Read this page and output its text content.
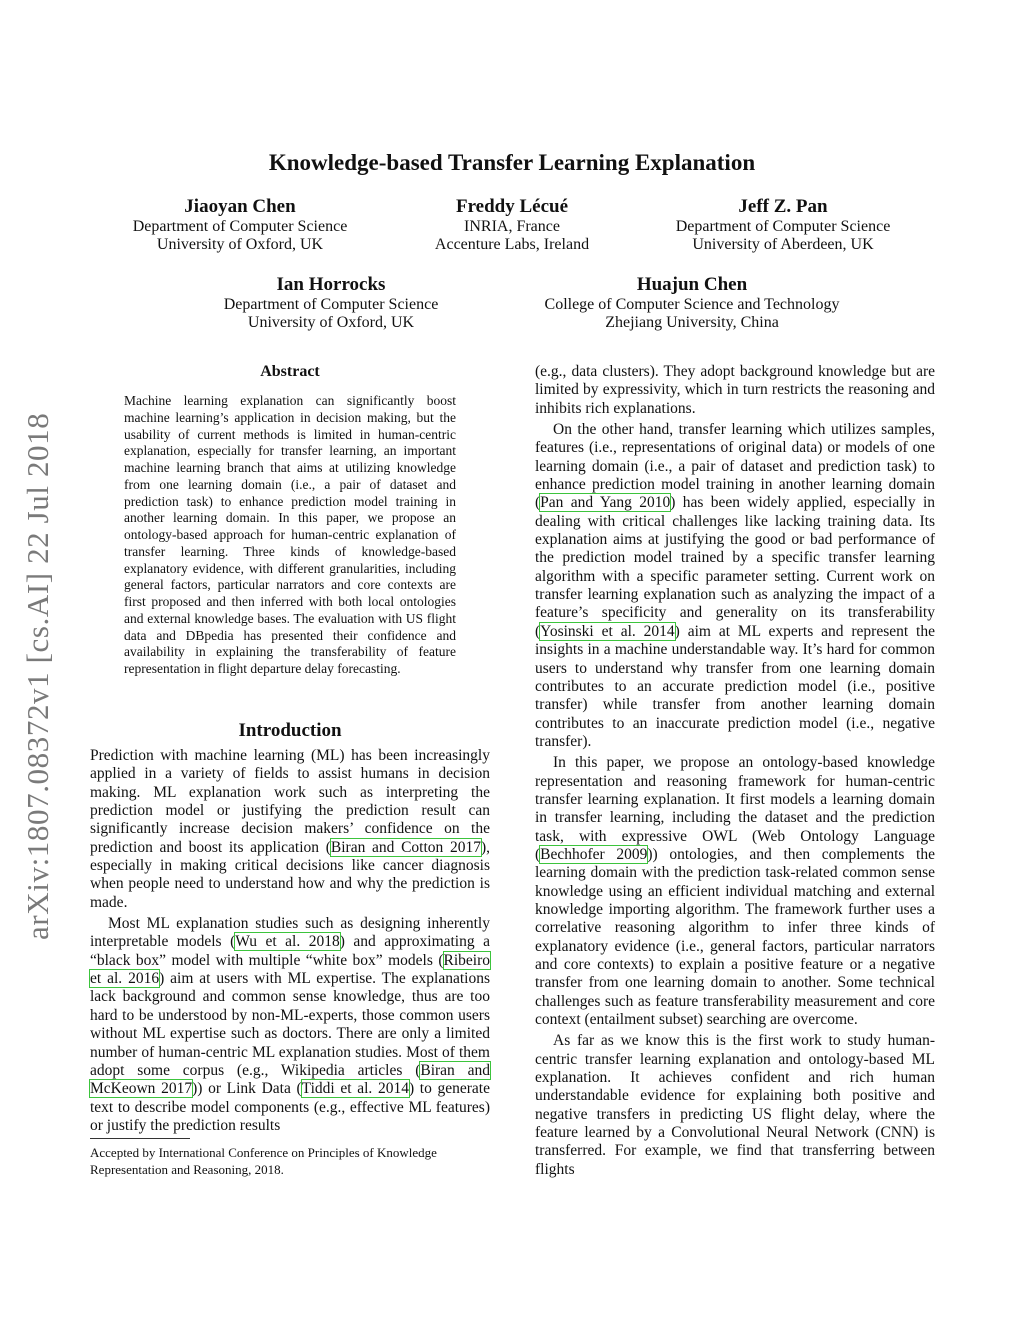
arXiv:1807.08372v1 [cs.AI] 22 Jul 2018
Knowledge-based Transfer Learning Explanation
Jiaoyan Chen
Department of Computer Science
University of Oxford, UK
Freddy Lécué
INRIA, France
Accenture Labs, Ireland
Jeff Z. Pan
Department of Computer Science
University of Aberdeen, UK
Ian Horrocks
Department of Computer Science
University of Oxford, UK
Huajun Chen
College of Computer Science and Technology
Zhejiang University, China
Abstract
Machine learning explanation can significantly boost machine learning’s application in decision making, but the usability of current methods is limited in human-centric explanation, especially for transfer learning, an important machine learning branch that aims at utilizing knowledge from one learning domain (i.e., a pair of dataset and prediction task) to enhance prediction model training in another learning domain. In this paper, we propose an ontology-based approach for human-centric explanation of transfer learning. Three kinds of knowledge-based explanatory evidence, with different granularities, including general factors, particular narrators and core contexts are first proposed and then inferred with both local ontologies and external knowledge bases. The evaluation with US flight data and DBpedia has presented their confidence and availability in explaining the transferability of feature representation in flight departure delay forecasting.
Introduction

Prediction with machine learning (ML) has been increasingly applied in a variety of fields to assist humans in decision making. ML explanation work such as interpreting the prediction model or justifying the prediction result can significantly increase decision makers’ confidence on the prediction and boost its application (Biran and Cotton 2017), especially in making critical decisions like cancer diagnosis when people need to understand how and why the prediction is made.

Most ML explanation studies such as designing inherently interpretable models (Wu et al. 2018) and approximating a “black box” model with multiple “white box” models (Ribeiro et al. 2016) aim at users with ML expertise. The explanations lack background and common sense knowledge, thus are too hard to be understood by non-ML-experts, those common users without ML expertise such as doctors. There are only a limited number of human-centric ML explanation studies. Most of them adopt some corpus (e.g., Wikipedia articles (Biran and McKeown 2017)) or Link Data (Tiddi et al. 2014) to generate text to describe model components (e.g., effective ML features) or justify the prediction results

Accepted by International Conference on Principles of Knowledge Representation and Reasoning, 2018.

(e.g., data clusters). They adopt background knowledge but are limited by expressivity, which in turn restricts the reasoning and inhibits rich explanations.

On the other hand, transfer learning which utilizes samples, features (i.e., representations of original data) or models of one learning domain (i.e., a pair of dataset and prediction task) to enhance prediction model training in another learning domain (Pan and Yang 2010) has been widely applied, especially in dealing with critical challenges like lacking training data. Its explanation aims at justifying the good or bad performance of the prediction model trained by a specific transfer learning algorithm with a specific parameter setting. Current work on transfer learning explanation such as analyzing the impact of a feature’s specificity and generality on its transferability (Yosinski et al. 2014) aim at ML experts and represent the insights in a machine understandable way. It’s hard for common users to understand why transfer from one learning domain contributes to an accurate prediction model (i.e., positive transfer) while transfer from another learning domain contributes to an inaccurate prediction model (i.e., negative transfer).

In this paper, we propose an ontology-based knowledge representation and reasoning framework for human-centric transfer learning explanation. It first models a learning domain in transfer learning, including the dataset and the prediction task, with expressive OWL (Web Ontology Language (Bechhofer 2009)) ontologies, and then complements the learning domain with the prediction task-related common sense knowledge using an efficient individual matching and external knowledge importing algorithm. The framework further uses a correlative reasoning algorithm to infer three kinds of explanatory evidence (i.e., general factors, particular narrators and core contexts) to explain a positive feature or a negative transfer from one learning domain to another. Some technical challenges such as feature transferability measurement and core context (entailment subset) searching are overcome.

As far as we know this is the first work to study human-centric transfer learning explanation and ontology-based ML explanation. It achieves confident and rich human understandable evidence for explaining both positive and negative transfers in predicting US flight delay, where the feature learned by a Convolutional Neural Network (CNN) is transferred. For example, we find that transferring between flights
